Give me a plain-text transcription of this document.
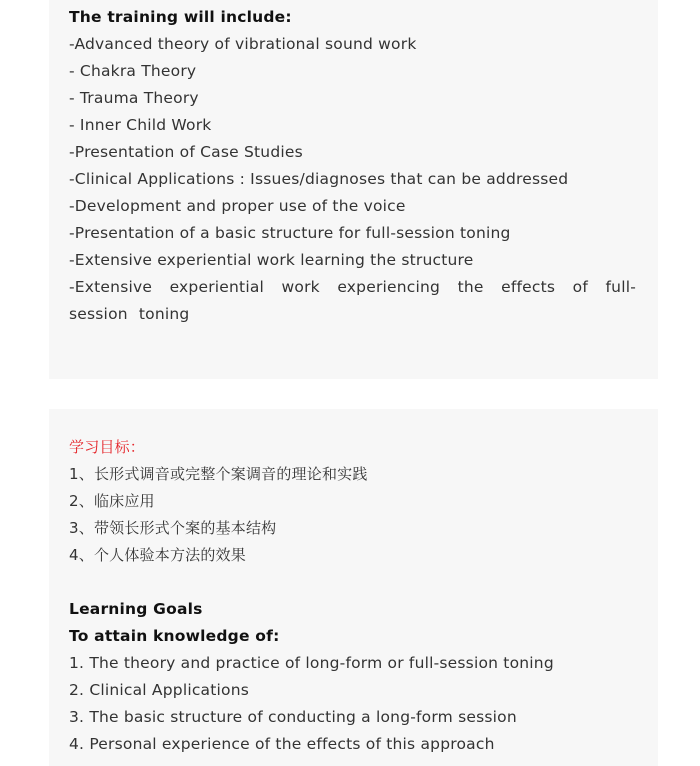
The training will include:

-Advanced theory of vibrational sound work

- Chakra Theory

- Trauma Theory

- Inner Child Work

-Presentation of Case Studies

-Clinical Applications : Issues/diagnoses that can be addressed

-Development and proper use of the voice

-Presentation of a basic structure for full-session toning

-Extensive experiential work learning the structure

-Extensive experiential work experiencing the effects of full-session toning

学习目标：

1、长形式调音或完整个案调音的理论和实践

2、临床应用

3、带领长形式个案的基本结构

4、个人体验本方法的效果

Learning Goals

To attain knowledge of:

1. The theory and practice of long-form or full-session toning

2. Clinical Applications

3. The basic structure of conducting a long-form session

4. Personal experience of the effects of this approach
